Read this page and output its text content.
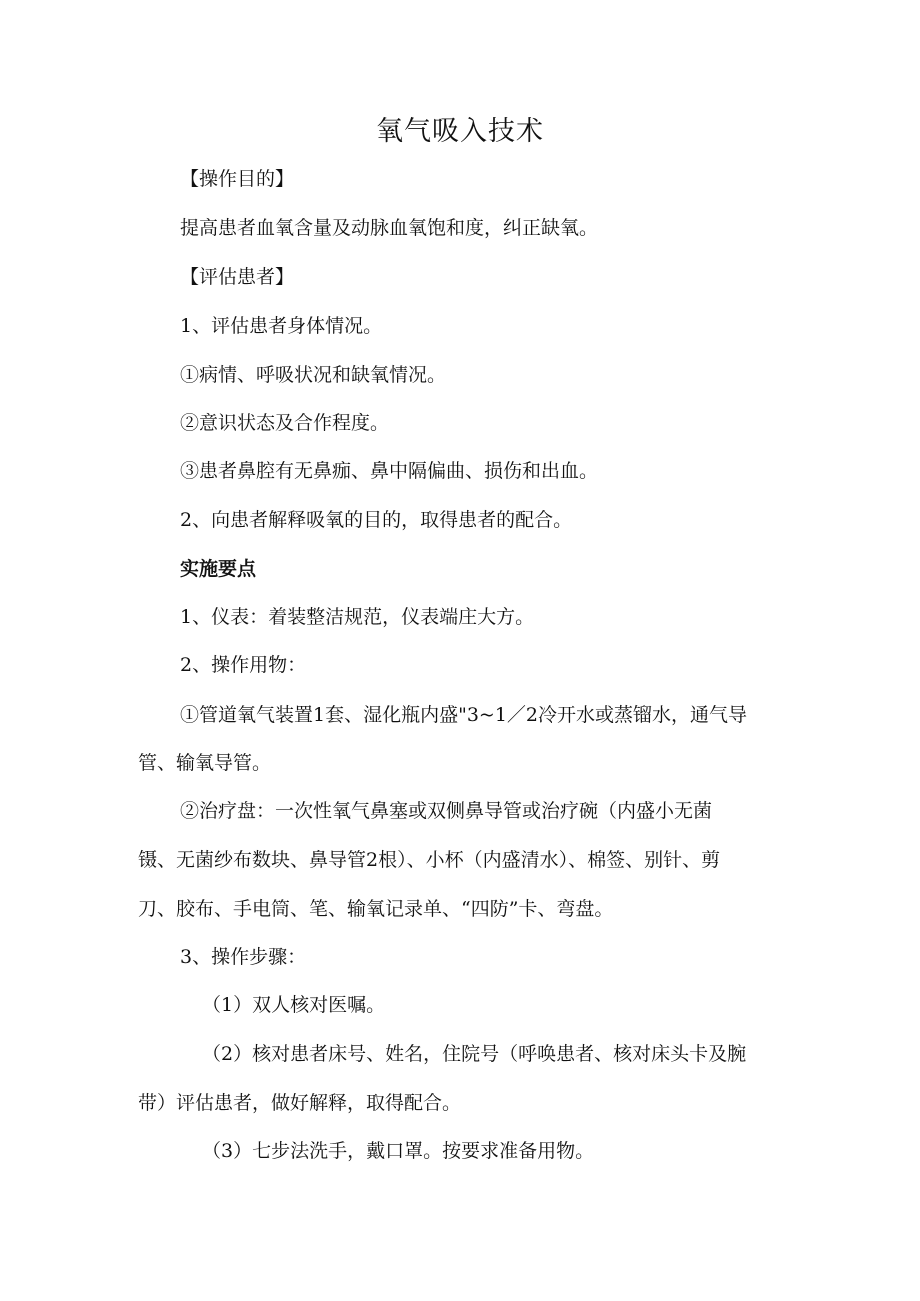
氧气吸入技术
【操作目的】
提高患者血氧含量及动脉血氧饱和度，纠正缺氧。
【评估患者】
1、评估患者身体情况。
①病情、呼吸状况和缺氧情况。
②意识状态及合作程度。
③患者鼻腔有无鼻痂、鼻中隔偏曲、损伤和出血。
2、向患者解释吸氧的目的，取得患者的配合。
实施要点
1、仪表：着装整洁规范，仪表端庄大方。
2、操作用物：
①管道氧气装置1套、湿化瓶内盛"3~1／2冷开水或蒸镏水，通气导
管、输氧导管。
②治疗盘：一次性氧气鼻塞或双侧鼻导管或治疗碗（内盛小无菌
镊、无菌纱布数块、鼻导管2根）、小杯（内盛清水）、棉签、别针、剪
刀、胶布、手电筒、笔、输氧记录单、“四防”卡、弯盘。
3、操作步骤：
（1）双人核对医嘱。
（2）核对患者床号、姓名，住院号（呼唤患者、核对床头卡及腕
带）评估患者，做好解释，取得配合。
（3）七步法洗手，戴口罩。按要求准备用物。
